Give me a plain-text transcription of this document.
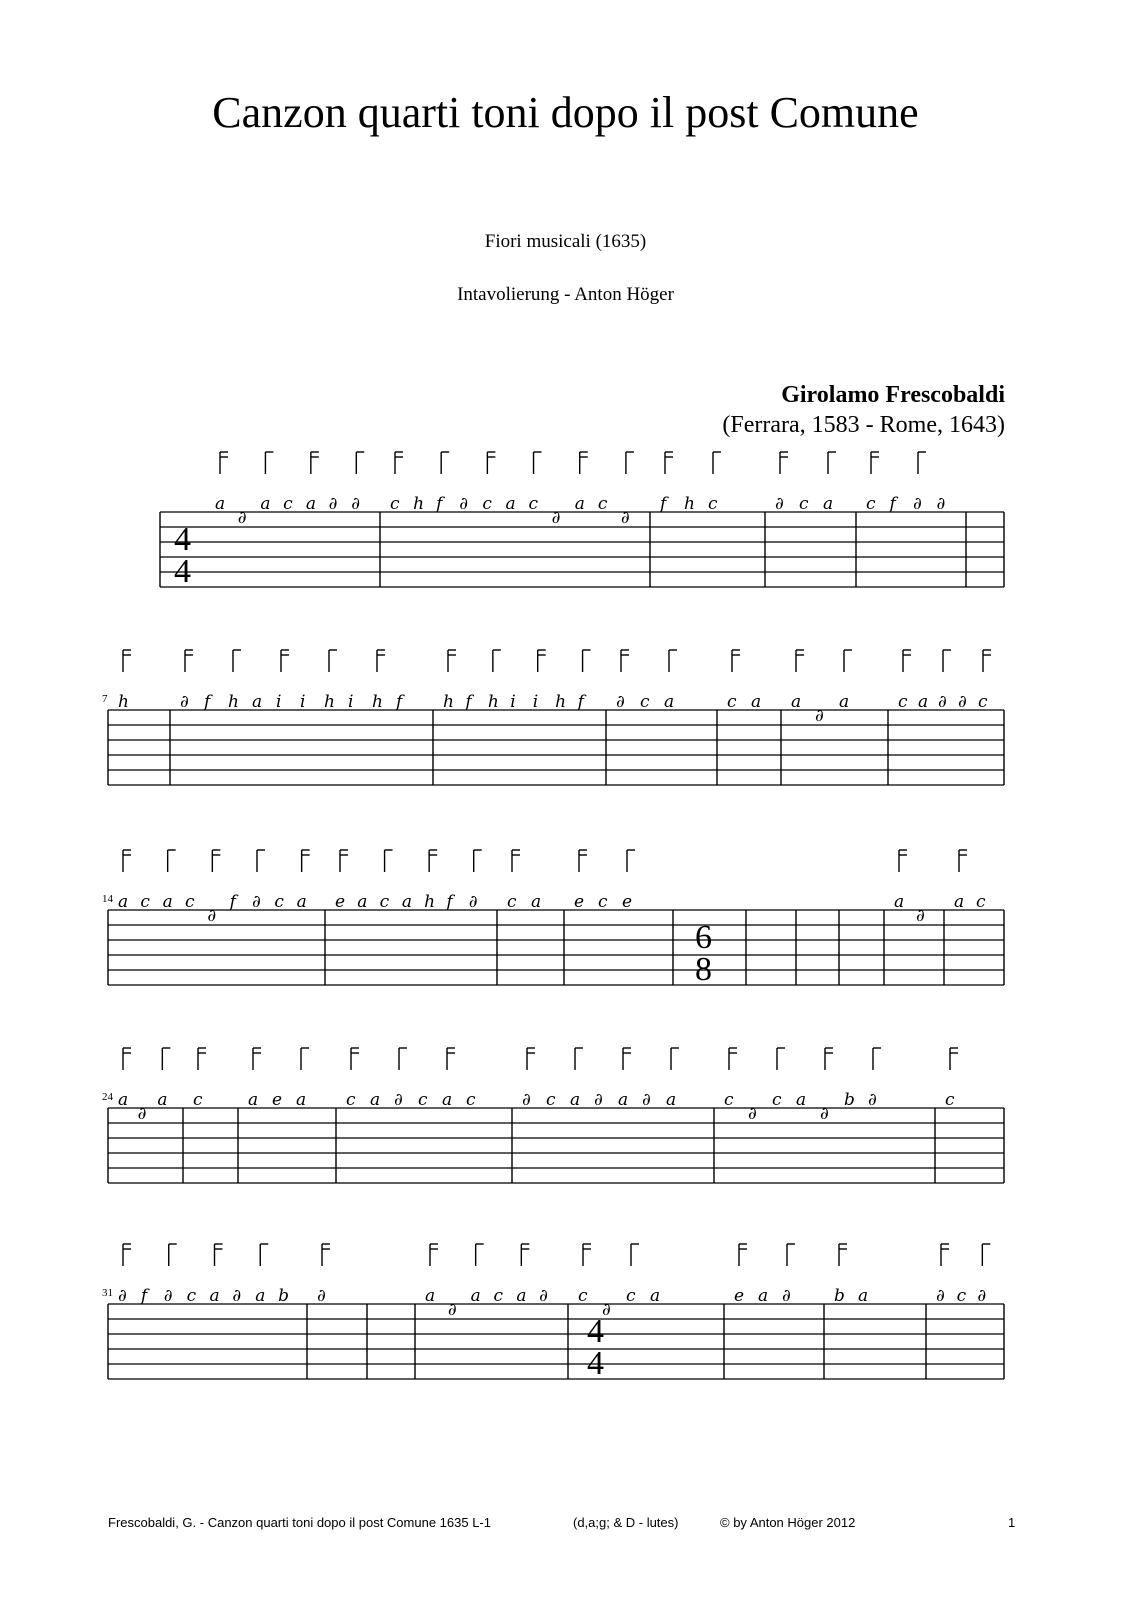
Canzon quarti toni dopo il post Comune
Fiori musicali (1635)
Intavolierung - Anton Höger
Girolamo Frescobaldi
(Ferrara, 1583 - Rome, 1643)
4
4
a
∂
a c a ∂ ∂ c h f ∂ c a c
∂
a c
∂
f h c	∂ c a c f ∂ ∂
7 h	∂ f h a i i h i h f h f h i i h f ∂ c a	c a a
∂
a	c a ∂ ∂ c
14
6
8
a c a c
∂
f ∂ c a e a c a h f ∂ c a e c e	a
∂
a c
24 a
∂
a c	a e a c a ∂ c a c	∂ c a ∂ a ∂ a	c
∂
c a
∂
b ∂	c
31
4
4
∂ f ∂ c a ∂ a b ∂	a
∂
a c a ∂ c
∂
c a	e a ∂	b a	∂ c ∂
Frescobaldi, G. - Canzon quarti toni dopo il post Comune 1635 L-1	(d,a;g; & D - lutes)	© by Anton Höger 2012	1
